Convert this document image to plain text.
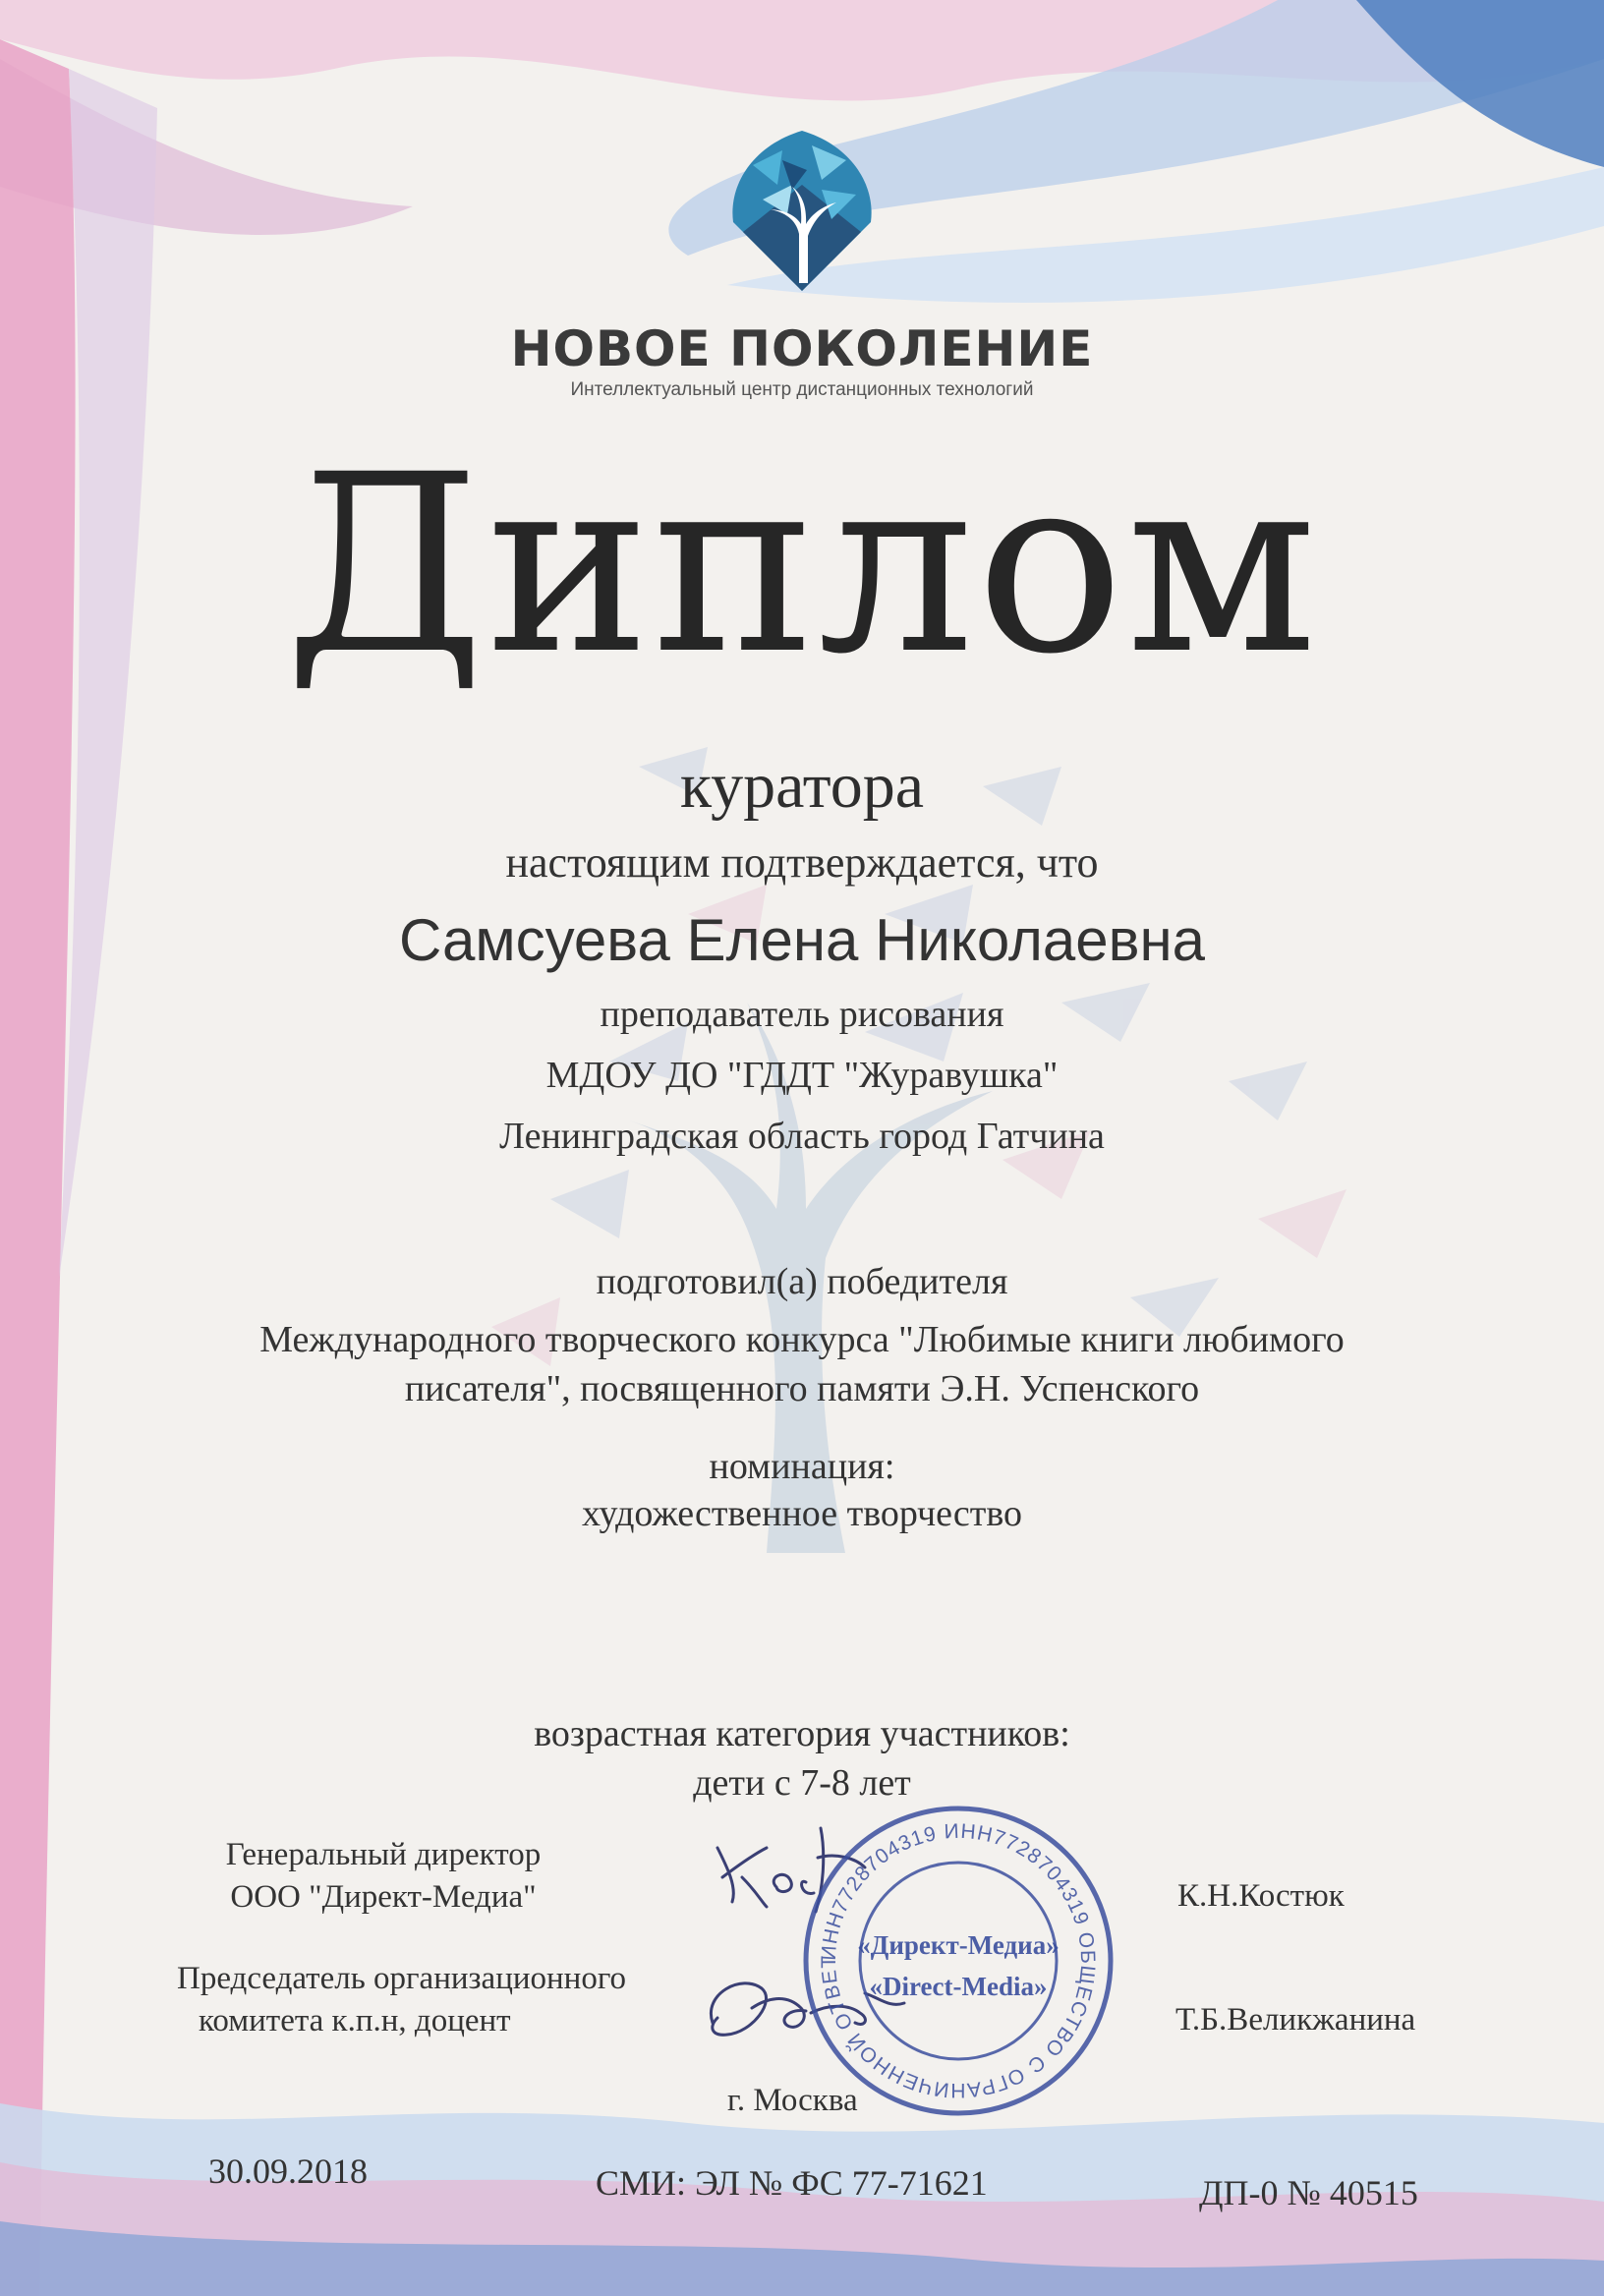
НОВОЕ ПОКОЛЕНИЕ
Интеллектуальный центр дистанционных технологий
Диплом
куратора
настоящим подтверждается, что
Самсуева Елена Николаевна
преподаватель рисования
МДОУ ДО "ГДДТ "Журавушка"
Ленинградская область город Гатчина
подготовил(а) победителя
Международного творческого конкурса "Любимые книги любимого
писателя", посвященного памяти Э.Н. Успенского
номинация:
художественное творчество
возрастная категория участников:
дети с 7-8 лет
Генеральный директор
ООО "Директ-Медиа"
Председатель организационного
комитета к.п.н, доцент
ИНН7728704319 ИНН7728704319 ОБЩЕСТВО С ОГРАНИЧЕННОЙ ОТВЕТ
«Директ-Медиа»
«Direct-Media»
К.Н.Костюк
Т.Б.Великжанина
г. Москва
30.09.2018	СМИ: ЭЛ № ФС 77-71621	ДП-0 № 40515
